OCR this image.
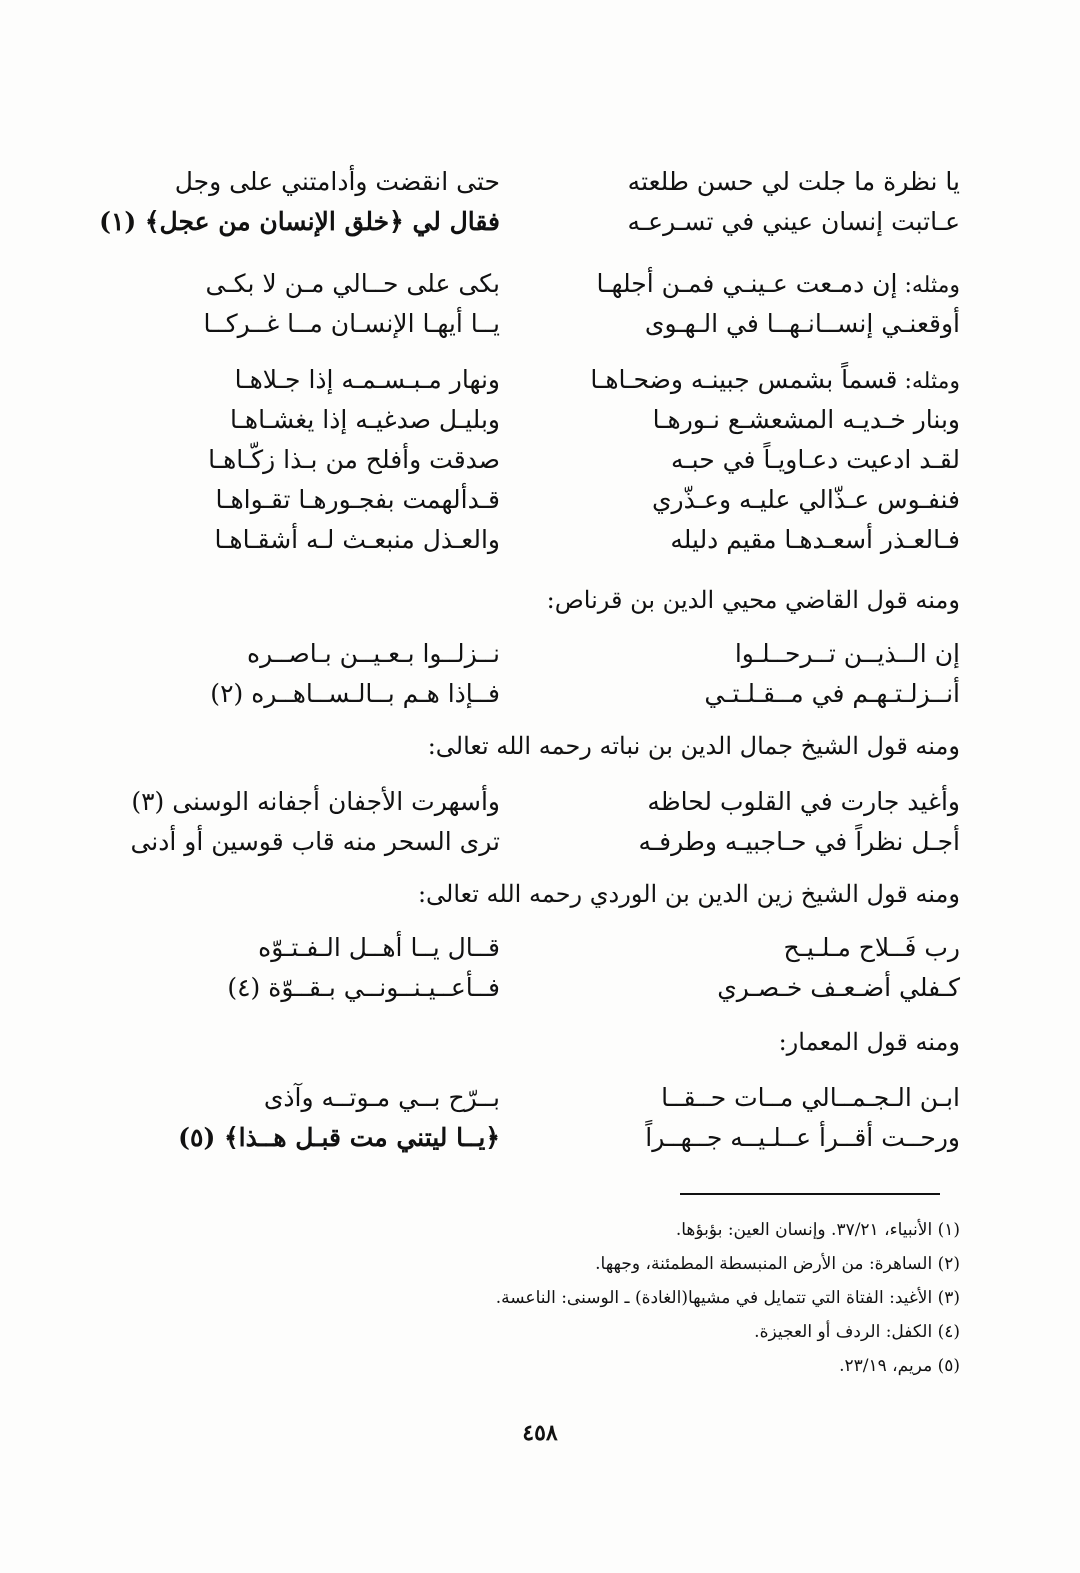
يا نظرة ما جلت لي حسن طلعته
حتى انقضت وأدامتني على وجل
عـاتبت إنسان عيني في تسـرعـه
فقال لي ﴿خلق الإنسان من عجل﴾ (١)
ومثله: إن دمـعت عـينـي فمـن أجلهـا
بكى على حــالي مـن لا بكـى
أوقعنـي إنســانـهــا في الـهـوى
يــا أيهـا الإنسـان مــا غــركــا
ومثله: قسماً بشمس جبينـه وضحـاهـا
ونهار مـبـسـمـه إذا جـلاهـا
وبنار خـديـه المشعشـع نـورهـا
وبليـل صدغيـه إذا يغشـاهـا
لقـد ادعيت دعـاويـاً في حبـه
صدقت وأفلح من بـذا زكّـاهـا
فنفـوس عـذّالي عليـه وعـذّري
قـدألهمت بفجـورهـا تقـواهـا
فـالعـذر أسعـدهـا مقيم دليله
والعـذل منبعـث لـه أشقـاهـا
ومنه قول القاضي محيي الدين بن قرناص:
إن الــذيــن تــرحــلـوا
نــزلــوا بـعـيــن بـاصــره
أنــزلـتـهـم في مــقـلـتـي
فــإذا هـم بــالـســاهــره (٢)
ومنه قول الشيخ جمال الدين بن نباته رحمه الله تعالى:
وأغيد جارت في القلوب لحاظه
وأسهرت الأجفان أجفانه الوسنى (٣)
أجـل نظراً في حـاجبيـه وطرفـه
ترى السحر منه قاب قوسين أو أدنى
ومنه قول الشيخ زين الدين بن الوردي رحمه الله تعالى:
رب فَــلاح مـلـيـح
قــال يــا أهــل الـفـتـوّه
كـفلي أضـعـف خـصـري
فــأعــيـنــونــي بـقــوّة (٤)
ومنه قول المعمار:
ابـن الـجـمــالي مــات حــقــا
بــرّح بــي مـوتــه وآذى
ورحــت أقــرأ عــلـيــه جــهــراً
﴿يــا ليتني مت قبـل هــذا﴾ (٥)
(١) الأنبياء، ٣٧/٢١. وإنسان العين: بؤبؤها.
(٢) الساهرة: من الأرض المنبسطة المطمئنة، وجهها.
(٣) الأغيد: الفتاة التي تتمايل في مشيها(الغادة) ـ الوسنى: الناعسة.
(٤) الكفل: الردف أو العجيزة.
(٥) مريم، ٢٣/١٩.
٤٥٨
